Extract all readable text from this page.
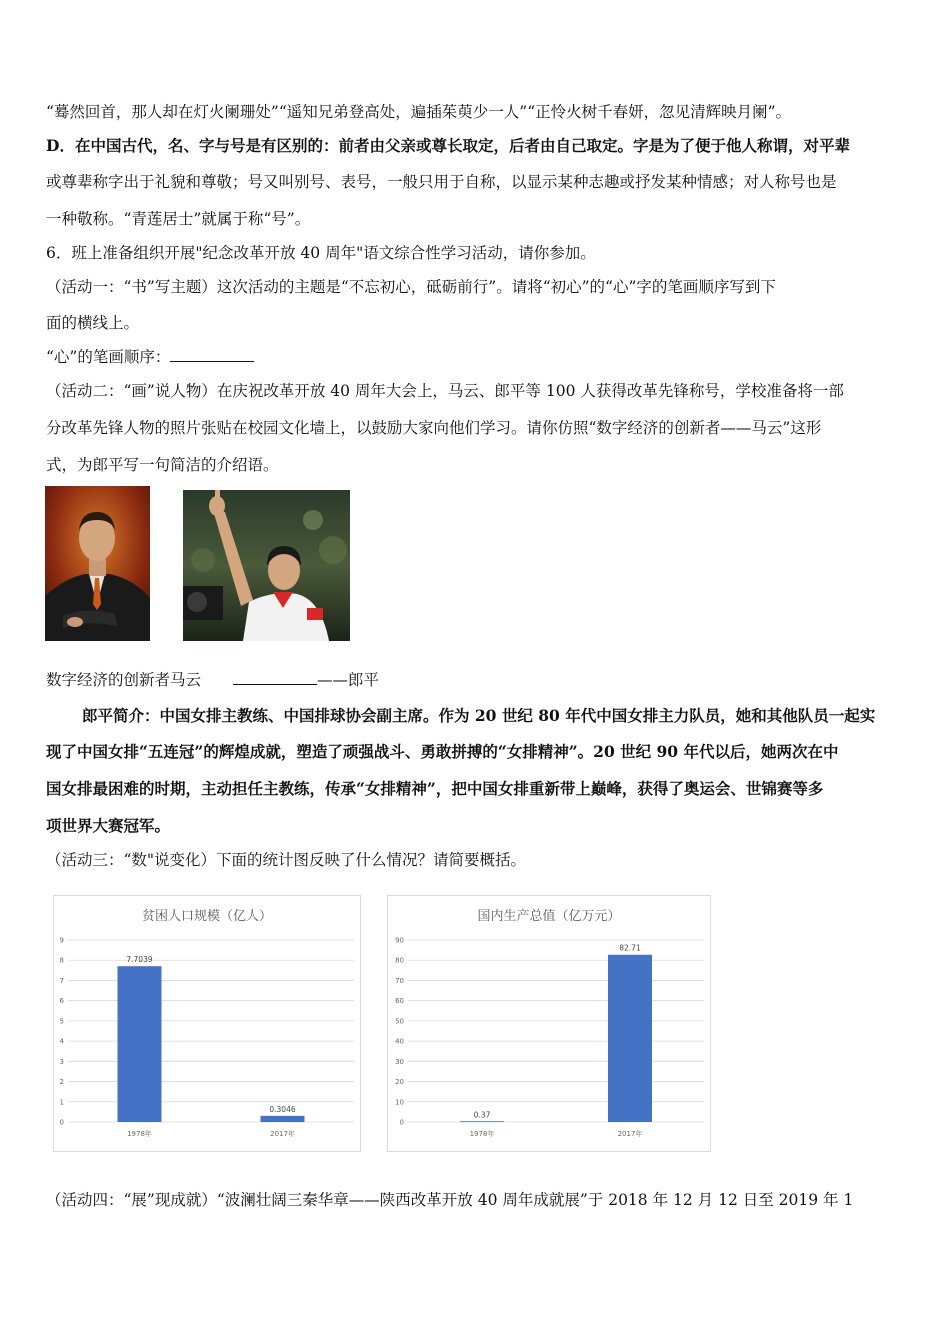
“蓦然回首，那人却在灯火阑珊处”“遥知兄弟登高处，遍插茱萸少一人”“正怜火树千春妍，忽见清辉映月阑”。
D．在中国古代，名、字与号是有区别的：前者由父亲或尊长取定，后者由自己取定。字是为了便于他人称谓，对平辈
或尊辈称字出于礼貌和尊敬；号又叫别号、表号，一般只用于自称，以显示某种志趣或抒发某种情感；对人称号也是
一种敬称。“青莲居士”就属于称“号”。
6．班上准备组织开展"纪念改革开放 40 周年"语文综合性学习活动，请你参加。
（活动一：“书”写主题）这次活动的主题是“不忘初心，砥砺前行”。请将“初心”的“心”字的笔画顺序写到下
面的横线上。
“心”的笔画顺序：
（活动二：“画”说人物）在庆祝改革开放 40 周年大会上，马云、郎平等 100 人获得改革先锋称号，学校准备将一部
分改革先锋人物的照片张贴在校园文化墙上，以鼓励大家向他们学习。请你仿照“数字经济的创新者——马云”这形
式，为郎平写一句简洁的介绍语。
数字经济的创新者马云	——郎平
郎平简介：中国女排主教练、中国排球协会副主席。作为 20 世纪 80 年代中国女排主力队员，她和其他队员一起实
现了中国女排“五连冠”的辉煌成就，塑造了顽强战斗、勇敢拼搏的“女排精神”。20 世纪 90 年代以后，她两次在中
国女排最困难的时期，主动担任主教练，传承“女排精神”，把中国女排重新带上巅峰，获得了奥运会、世锦赛等多
项世界大赛冠军。
（活动三：“数"说变化）下面的统计图反映了什么情况？请简要概括。
贫困人口规模（亿人）
0
1
2
3
4
5
6
7
8
9
7.7039
1978年
0.3046
2017年
国内生产总值（亿万元）
0
10
20
30
40
50
60
70
80
90
0.37
1978年
82.71
2017年
（活动四：“展”现成就）“波澜壮阔三秦华章——陕西改革开放 40 周年成就展”于 2018 年 12 月 12 日至 2019 年 1
